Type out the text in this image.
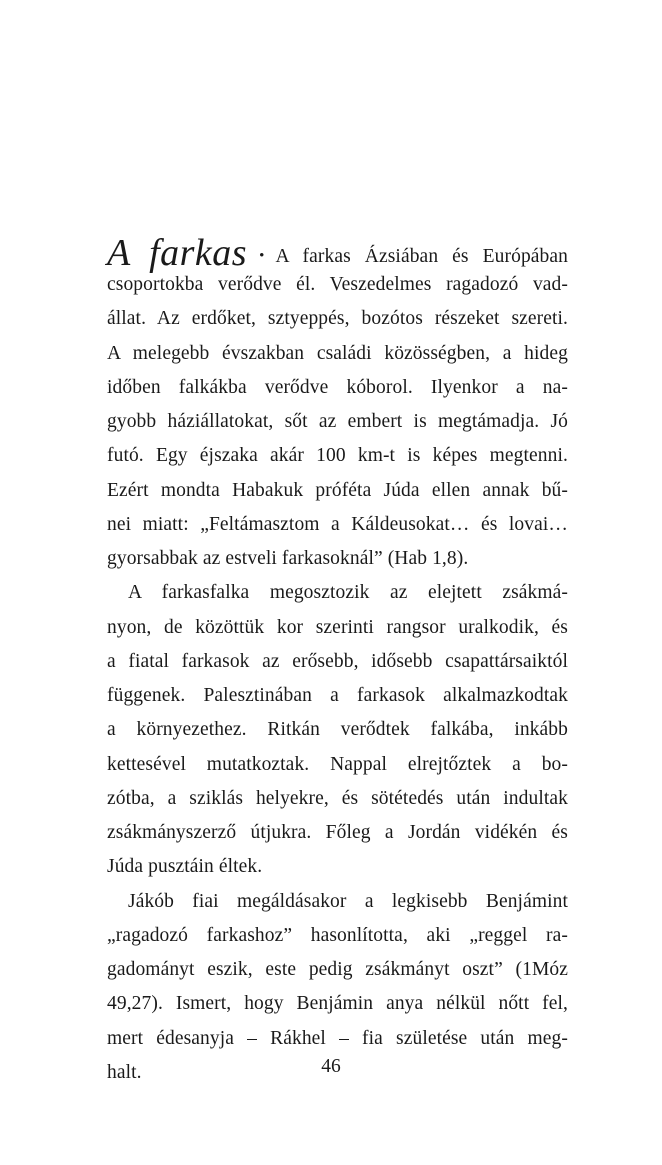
A farkas • A farkas Ázsiában és Európában
csoportokba verődve él. Veszedelmes ragadozó vad-
állat. Az erdőket, sztyeppés, bozótos részeket szereti.
A melegebb évszakban családi közösségben, a hideg
időben falkákba verődve kóborol. Ilyenkor a na-
gyobb háziállatokat, sőt az embert is megtámadja. Jó
futó. Egy éjszaka akár 100 km-t is képes megtenni.
Ezért mondta Habakuk próféta Júda ellen annak bű-
nei miatt: „Feltámasztom a Káldeusokat… és lovai…
gyorsabbak az estveli farkasoknál” (Hab 1,8).
A farkasfalka megosztozik az elejtett zsákmá-
nyon, de közöttük kor szerinti rangsor uralkodik, és
a fiatal farkasok az erősebb, idősebb csapattársaiktól
függenek. Palesztinában a farkasok alkalmazkodtak
a környezethez. Ritkán verődtek falkába, inkább
kettesével mutatkoztak. Nappal elrejtőztek a bo-
zótba, a sziklás helyekre, és sötétedés után indultak
zsákmányszerző útjukra. Főleg a Jordán vidékén és
Júda pusztáin éltek.
Jákób fiai megáldásakor a legkisebb Benjámint
„ragadozó farkashoz” hasonlította, aki „reggel ra-
gadományt eszik, este pedig zsákmányt oszt” (1Móz
49,27). Ismert, hogy Benjámin anya nélkül nőtt fel,
mert édesanyja – Rákhel – fia születése után meg-
halt.	46
